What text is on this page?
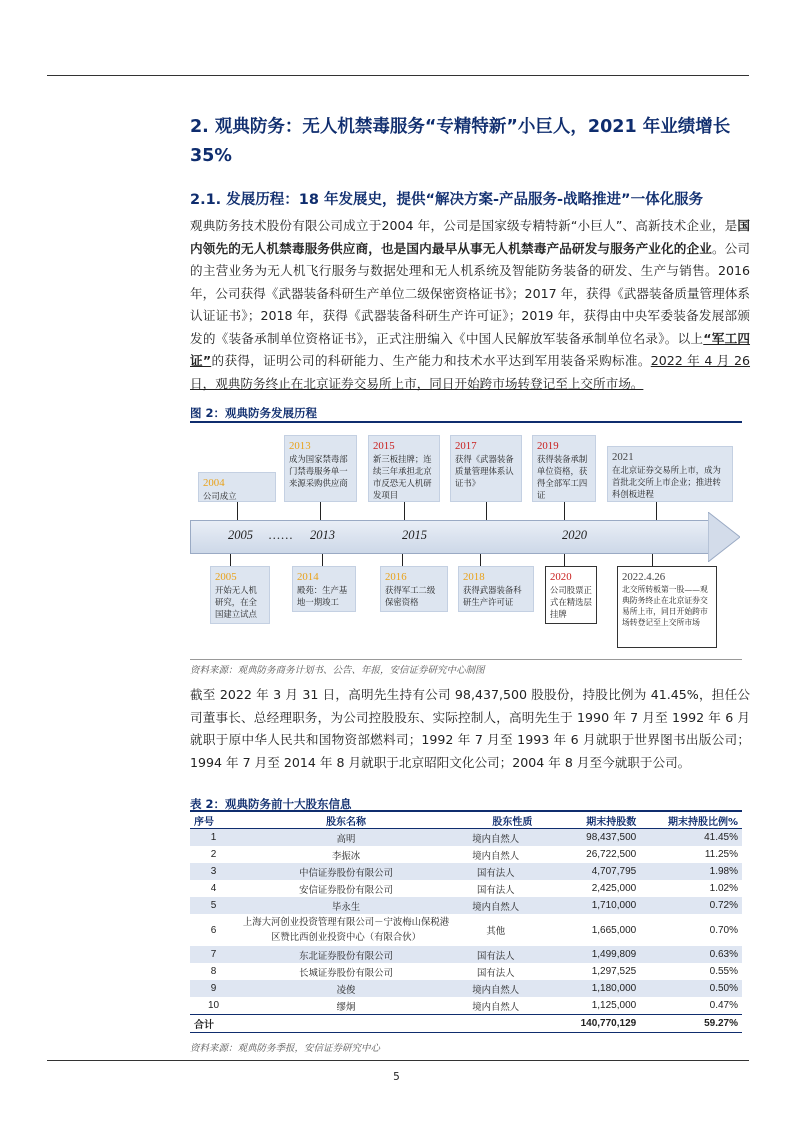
2. 观典防务：无人机禁毒服务“专精特新”小巨人，2021 年业绩增长 35%
2.1. 发展历程：18 年发展史，提供“解决方案-产品服务-战略推进”一体化服务
观典防务技术股份有限公司成立于2004 年，公司是国家级专精特新“小巨人”、高新技术企业，是国内领先的无人机禁毒服务供应商，也是国内最早从事无人机禁毒产品研发与服务产业化的企业。公司的主营业务为无人机飞行服务与数据处理和无人机系统及智能防务装备的研发、生产与销售。2016 年，公司获得《武器装备科研生产单位二级保密资格证书》；2017 年，获得《武器装备质量管理体系认证证书》；2018 年，获得《武器装备科研生产许可证》；2019 年，获得由中央军委装备发展部颁发的《装备承制单位资格证书》，正式注册编入《中国人民解放军装备承制单位名录》。以上“军工四证”的获得，证明公司的科研能力、生产能力和技术水平达到军用装备采购标准。2022 年 4 月 26 日，观典防务终止在北京证券交易所上市，同日开始跨市场转登记至上交所市场。
图 2：观典防务发展历程
2004
公司成立
2013
成为国家禁毒部门禁毒服务单一来源采购供应商
2015
新三板挂牌；连续三年承担北京市反恐无人机研发项目
2017
获得《武器装备质量管理体系认证书》
2019
获得装备承制单位资格，获得全部军工四证
2021
在北京证券交易所上市，成为首批北交所上市企业；推进转科创板进程
2005 …… 2013	2015	2020
2005
开始无人机研究，在全国建立试点
2014
殿苑：生产基地一期竣工
2016
获得军工二级保密资格
2018
获得武器装备科研生产许可证
2020
公司股票正式在精选层挂牌
2022.4.26
北交所转板第一股——观典防务终止在北京证券交易所上市，同日开始跨市场转登记至上交所市场
资料来源：观典防务商务计划书、公告、年报，安信证券研究中心制图
截至 2022 年 3 月 31 日，高明先生持有公司 98,437,500 股股份，持股比例为 41.45%，担任公司董事长、总经理职务，为公司控股股东、实际控制人，高明先生于 1990 年 7 月至 1992 年 6 月就职于原中华人民共和国物资部燃料司；1992 年 7 月至 1993 年 6 月就职于世界图书出版公司；1994 年 7 月至 2014 年 8 月就职于北京昭阳文化公司；2004 年 8 月至今就职于公司。
表 2：观典防务前十大股东信息
序号	股东名称	股东性质	期末持股数	期末持股比例%
1	高明	境内自然人	98,437,500	41.45%
2	李振冰	境内自然人	26,722,500	11.25%
3	中信证券股份有限公司	国有法人	4,707,795	1.98%
4	安信证券股份有限公司	国有法人	2,425,000	1.02%
5	毕永生	境内自然人	1,710,000	0.72%
6	上海大河创业投资管理有限公司－宁波梅山保税港区赞比西创业投资中心（有限合伙）	其他	1,665,000	0.70%
7	东北证券股份有限公司	国有法人	1,499,809	0.63%
8	长城证券股份有限公司	国有法人	1,297,525	0.55%
9	凌俊	境内自然人	1,180,000	0.50%
10	缪炯	境内自然人	1,125,000	0.47%
合计			140,770,129	59.27%
资料来源：观典防务季报，安信证券研究中心
5
